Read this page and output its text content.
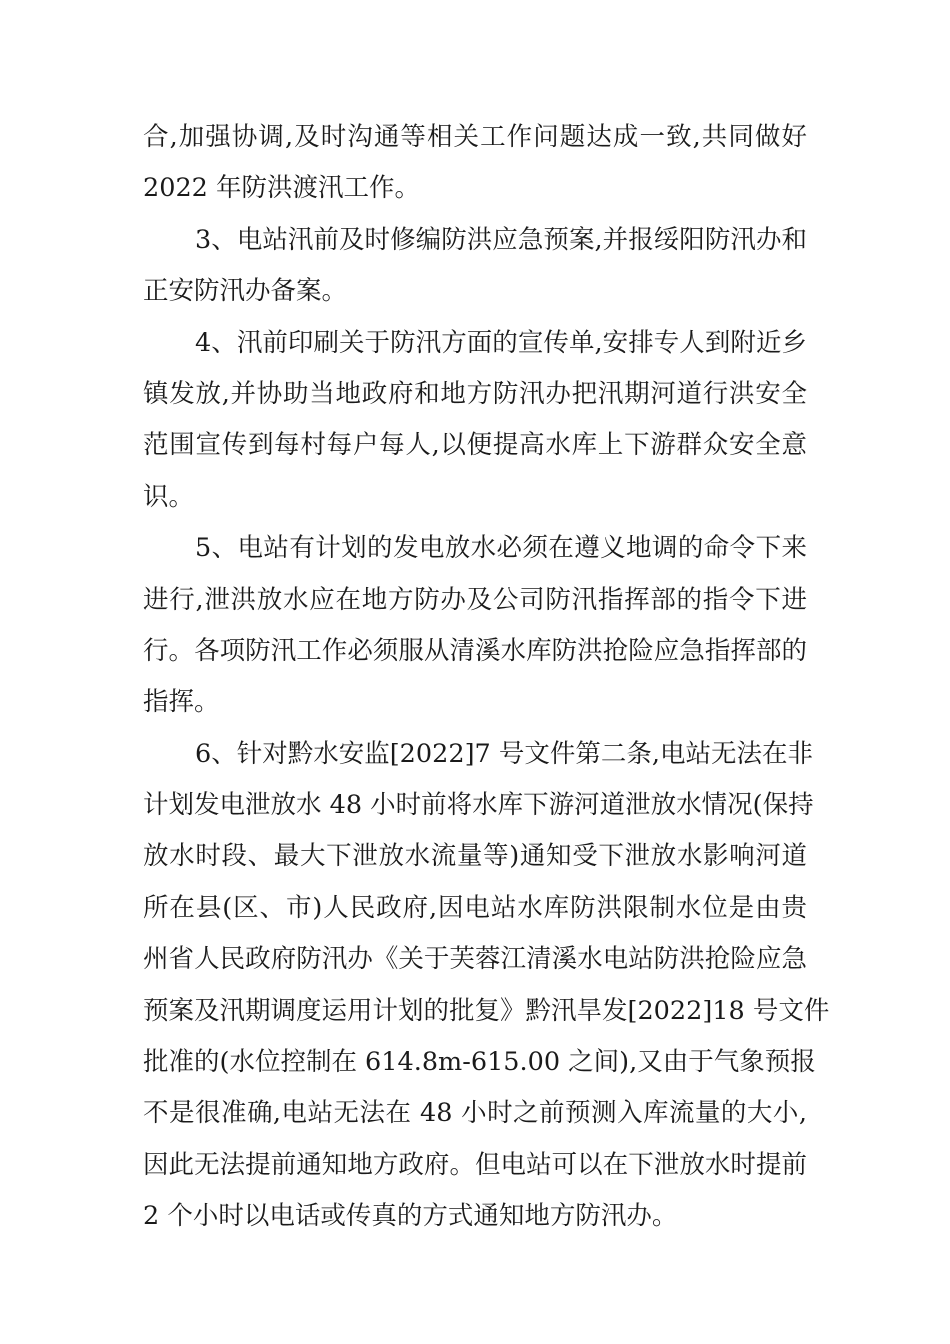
合,加强协调,及时沟通等相关工作问题达成一致,共同做好
2022 年防洪渡汛工作。
3、电站汛前及时修编防洪应急预案,并报绥阳防汛办和
正安防汛办备案。
4、汛前印刷关于防汛方面的宣传单,安排专人到附近乡
镇发放,并协助当地政府和地方防汛办把汛期河道行洪安全
范围宣传到每村每户每人,以便提高水库上下游群众安全意
识。
5、电站有计划的发电放水必须在遵义地调的命令下来
进行,泄洪放水应在地方防办及公司防汛指挥部的指令下进
行。各项防汛工作必须服从清溪水库防洪抢险应急指挥部的
指挥。
6、针对黔水安监[2022]7 号文件第二条,电站无法在非
计划发电泄放水 48 小时前将水库下游河道泄放水情况(保持
放水时段、最大下泄放水流量等)通知受下泄放水影响河道
所在县(区、市)人民政府,因电站水库防洪限制水位是由贵
州省人民政府防汛办《关于芙蓉江清溪水电站防洪抢险应急
预案及汛期调度运用计划的批复》黔汛旱发[2022]18 号文件
批准的(水位控制在 614.8m-615.00 之间),又由于气象预报
不是很准确,电站无法在 48 小时之前预测入库流量的大小,
因此无法提前通知地方政府。但电站可以在下泄放水时提前
2 个小时以电话或传真的方式通知地方防汛办。
